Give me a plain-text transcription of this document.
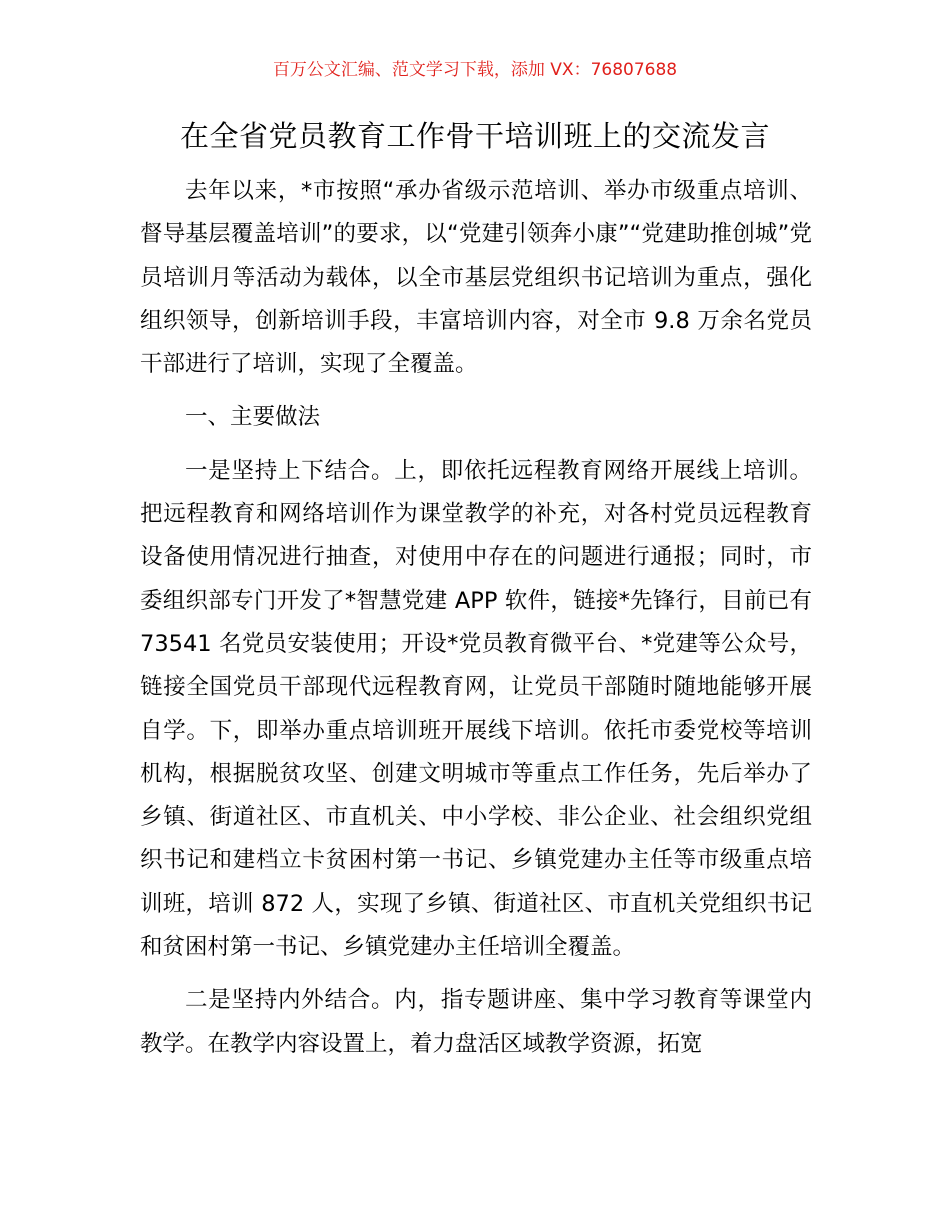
百万公文汇编、范文学习下载，添加 VX：76807688
在全省党员教育工作骨干培训班上的交流发言

去年以来，*市按照“承办省级示范培训、举办市级重点培训、督导基层覆盖培训”的要求，以“党建引领奔小康”“党建助推创城”党员培训月等活动为载体，以全市基层党组织书记培训为重点，强化组织领导，创新培训手段，丰富培训内容，对全市 9.8 万余名党员干部进行了培训，实现了全覆盖。

一、主要做法

一是坚持上下结合。上，即依托远程教育网络开展线上培训。把远程教育和网络培训作为课堂教学的补充，对各村党员远程教育设备使用情况进行抽查，对使用中存在的问题进行通报；同时，市委组织部专门开发了*智慧党建 APP 软件，链接*先锋行，目前已有 73541 名党员安装使用；开设*党员教育微平台、*党建等公众号，链接全国党员干部现代远程教育网，让党员干部随时随地能够开展自学。下，即举办重点培训班开展线下培训。依托市委党校等培训机构，根据脱贫攻坚、创建文明城市等重点工作任务，先后举办了乡镇、街道社区、市直机关、中小学校、非公企业、社会组织党组织书记和建档立卡贫困村第一书记、乡镇党建办主任等市级重点培训班，培训 872 人，实现了乡镇、街道社区、市直机关党组织书记和贫困村第一书记、乡镇党建办主任培训全覆盖。

二是坚持内外结合。内，指专题讲座、集中学习教育等课堂内教学。在教学内容设置上，着力盘活区域教学资源，拓宽
